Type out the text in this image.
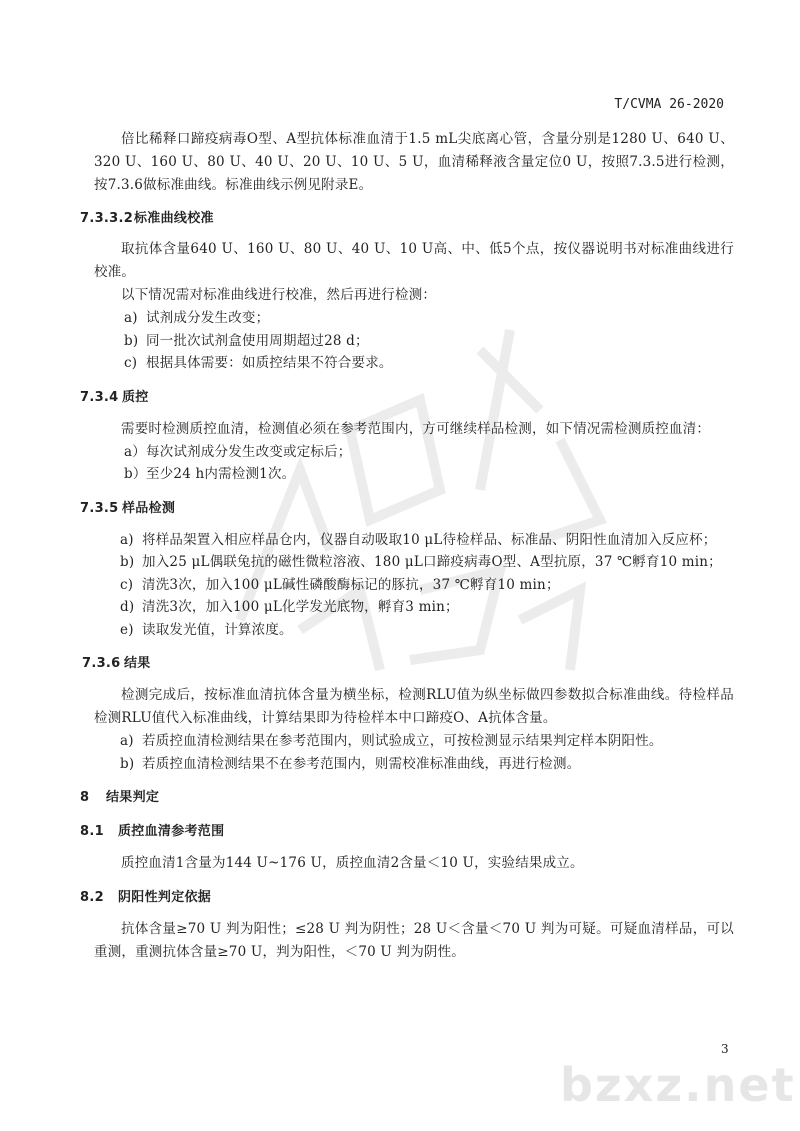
T/CVMA 26-2020

倍比稀释口蹄疫病毒O型、A型抗体标准血清于1.5 mL尖底离心管，含量分别是1280 U、640 U、320 U、160 U、80 U、40 U、20 U、10 U、5 U，血清稀释液含量定位0 U，按照7.3.5进行检测，按7.3.6做标准曲线。标准曲线示例见附录E。

7.3.3.2标准曲线校准

取抗体含量640 U、160 U、80 U、40 U、10 U高、中、低5个点，按仪器说明书对标准曲线进行校准。

以下情况需对标准曲线进行校准，然后再进行检测：

a) 试剂成分发生改变；

b) 同一批次试剂盒使用周期超过28 d；

c) 根据具体需要：如质控结果不符合要求。

7.3.4 质控

需要时检测质控血清，检测值必须在参考范围内，方可继续样品检测，如下情况需检测质控血清：

a）每次试剂成分发生改变或定标后；

b）至少24 h内需检测1次。

7.3.5 样品检测

a) 将样品架置入相应样品仓内，仪器自动吸取10 μL待检样品、标准品、阴阳性血清加入反应杯；

b) 加入25 μL偶联兔抗的磁性微粒溶液、180 μL口蹄疫病毒O型、A型抗原，37 ℃孵育10 min；

c) 清洗3次，加入100 μL碱性磷酸酶标记的豚抗，37 ℃孵育10 min；

d) 清洗3次，加入100 μL化学发光底物，孵育3 min；

e) 读取发光值，计算浓度。

7.3.6 结果

检测完成后，按标准血清抗体含量为横坐标，检测RLU值为纵坐标做四参数拟合标准曲线。待检样品检测RLU值代入标准曲线，计算结果即为待检样本中口蹄疫O、A抗体含量。

a) 若质控血清检测结果在参考范围内，则试验成立，可按检测显示结果判定样本阴阳性。

b) 若质控血清检测结果不在参考范围内，则需校准标准曲线，再进行检测。

8 结果判定

8.1 质控血清参考范围

质控血清1含量为144 U~176 U，质控血清2含量＜10 U，实验结果成立。

8.2 阴阳性判定依据

抗体含量≥70 U 判为阳性；≤28 U 判为阴性；28 U＜含量＜70 U 判为可疑。可疑血清样品，可以重测，重测抗体含量≥70 U，判为阳性，＜70 U 判为阴性。

3
bzxz.net
